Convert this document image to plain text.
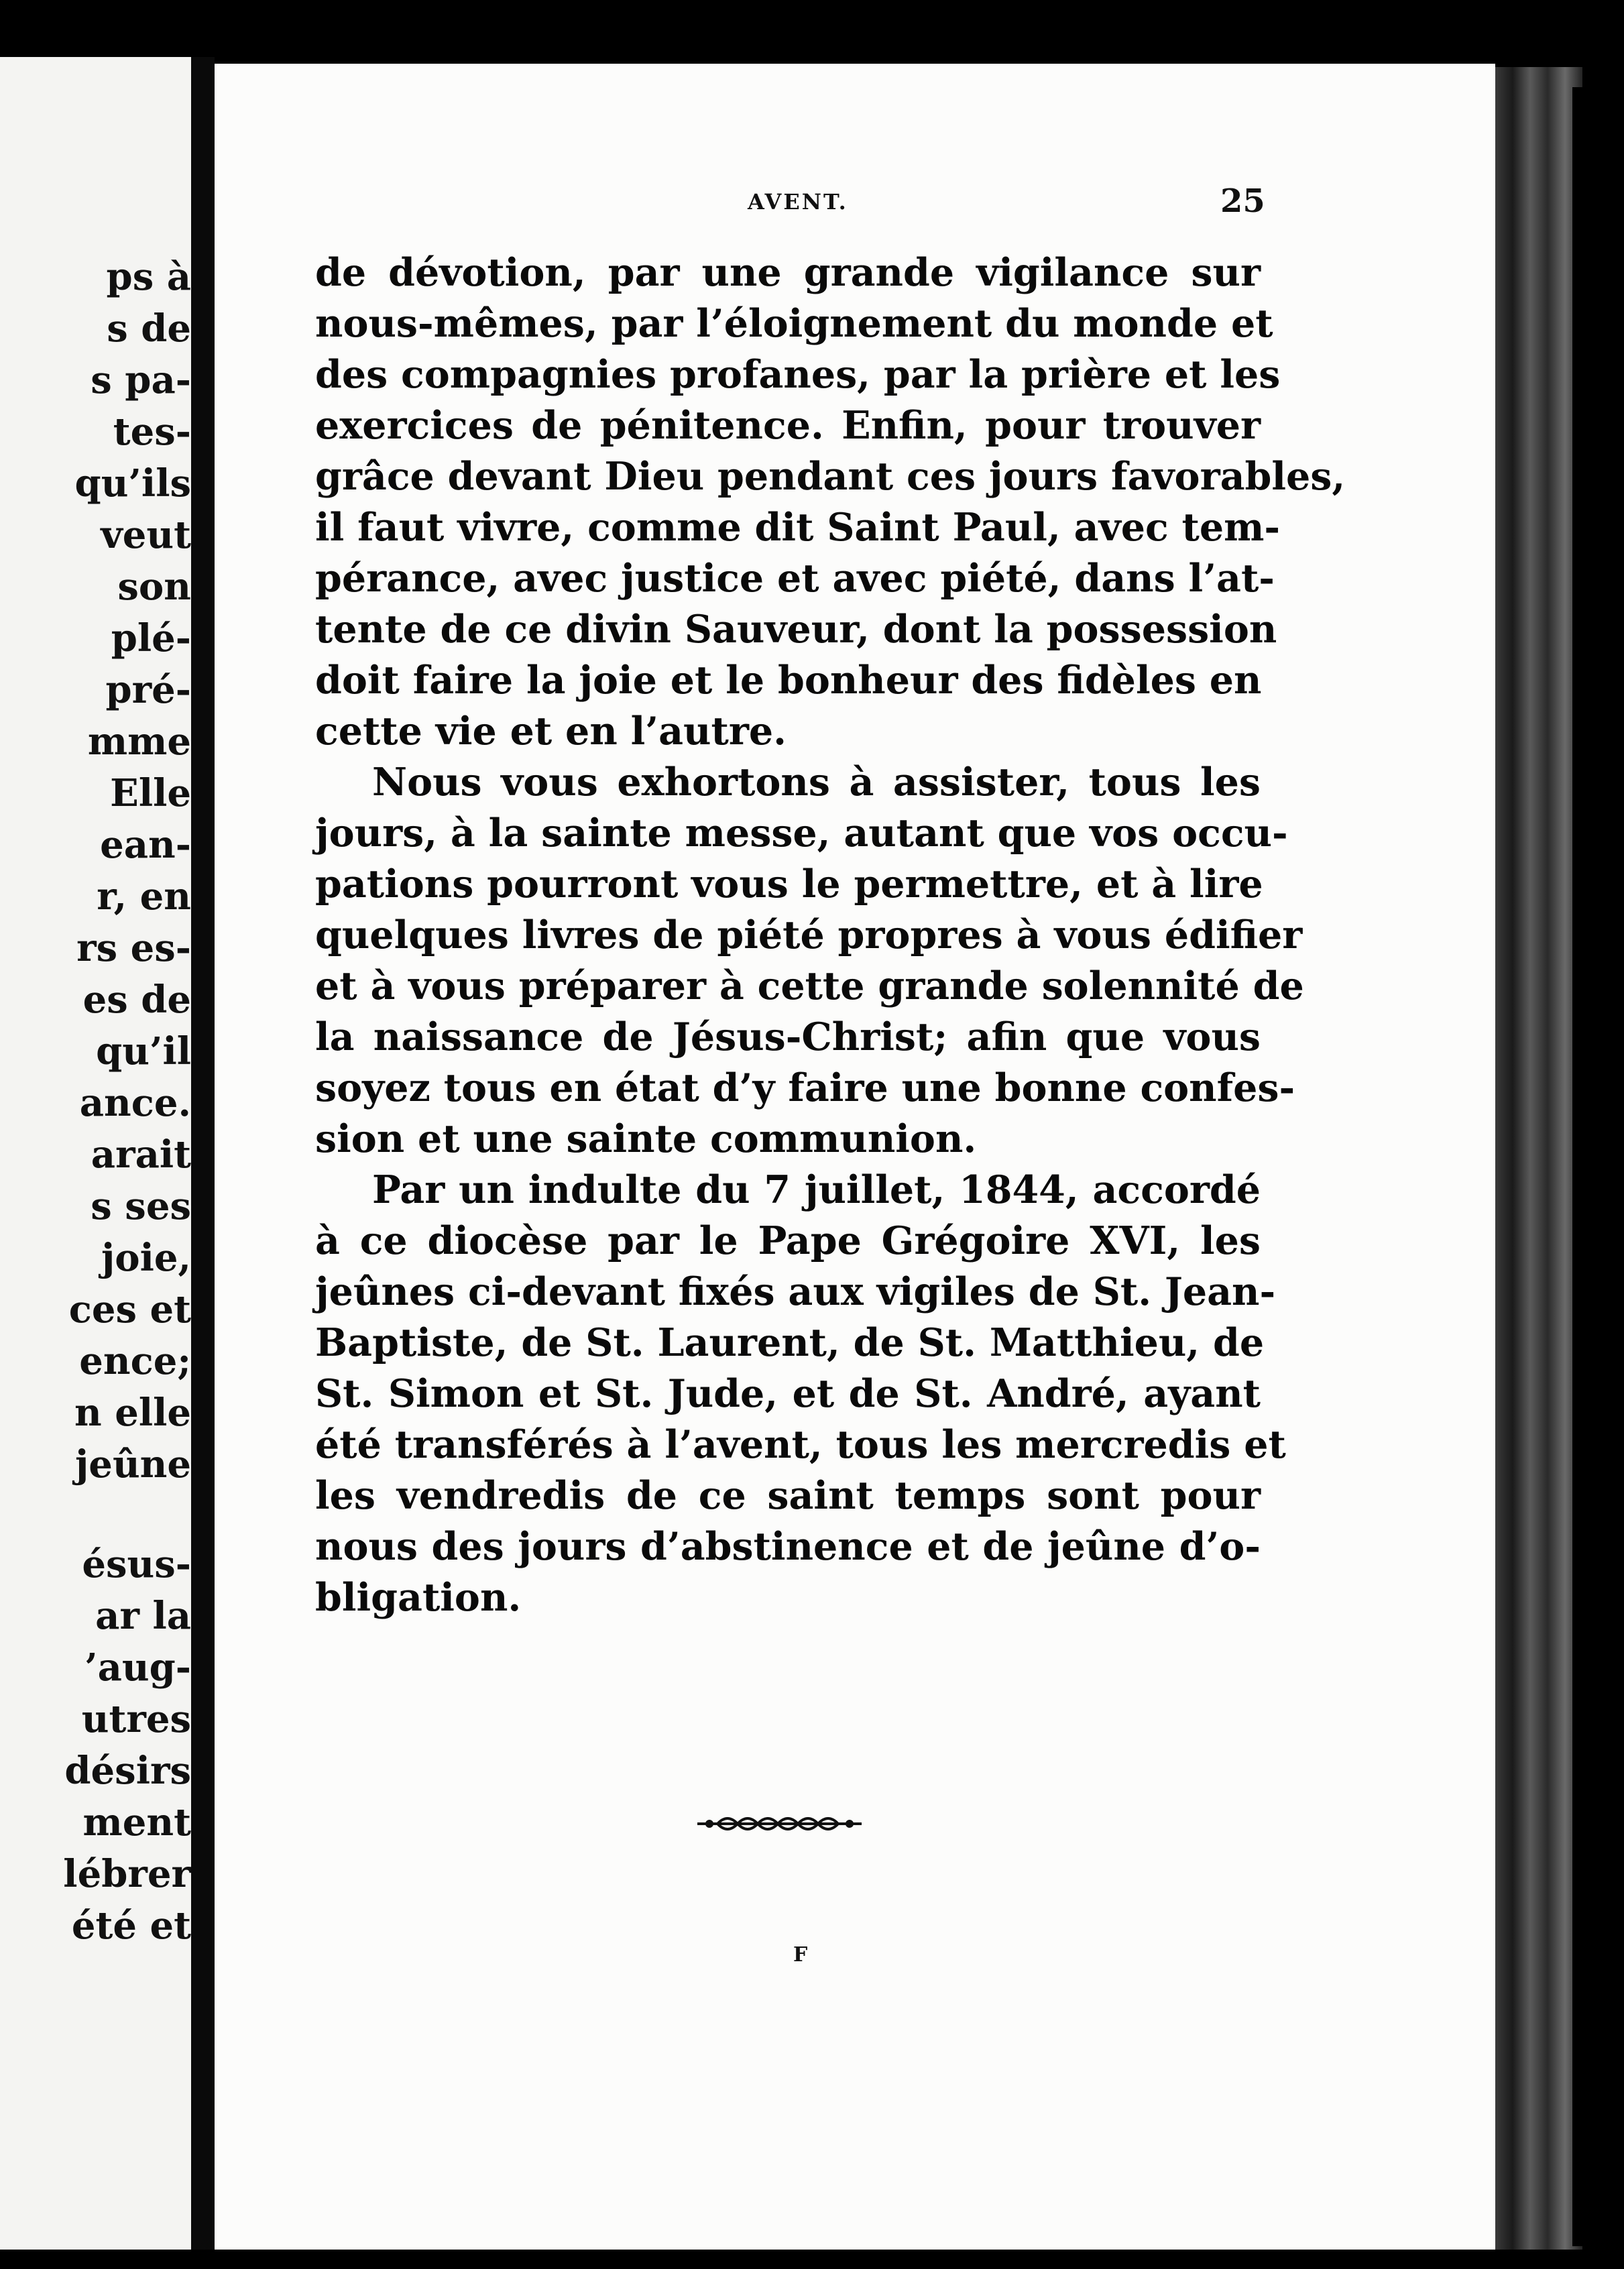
ps à
s de
s pa-
tes-
qu’ils
veut
son
plé-
pré-
mme
Elle
ean-
r, en
rs es-
es de
qu’il
ance.
arait
s ses
joie,
ces et
ence;
n elle
jeûne
ésus-
ar la
’aug-
utres
désirs
ment
lébrer
été et
AVENT.	25
de dévotion, par une grande vigilance sur
nous-mêmes, par l’éloignement du monde et
des compagnies profanes, par la prière et les
exercices de pénitence. Enfin, pour trouver
grâce devant Dieu pendant ces jours favorables,
il faut vivre, comme dit Saint Paul, avec tem-
pérance, avec justice et avec piété, dans l’at-
tente de ce divin Sauveur, dont la possession
doit faire la joie et le bonheur des fidèles en
cette vie et en l’autre.
Nous vous exhortons à assister, tous les
jours, à la sainte messe, autant que vos occu-
pations pourront vous le permettre, et à lire
quelques livres de piété propres à vous édifier
et à vous préparer à cette grande solennité de
la naissance de Jésus-Christ; afin que vous
soyez tous en état d’y faire une bonne confes-
sion et une sainte communion.
Par un indulte du 7 juillet, 1844, accordé
à ce diocèse par le Pape Grégoire XVI, les
jeûnes ci-devant fixés aux vigiles de St. Jean-
Baptiste, de St. Laurent, de St. Matthieu, de
St. Simon et St. Jude, et de St. André, ayant
été transférés à l’avent, tous les mercredis et
les vendredis de ce saint temps sont pour
nous des jours d’abstinence et de jeûne d’o-
bligation.
F
